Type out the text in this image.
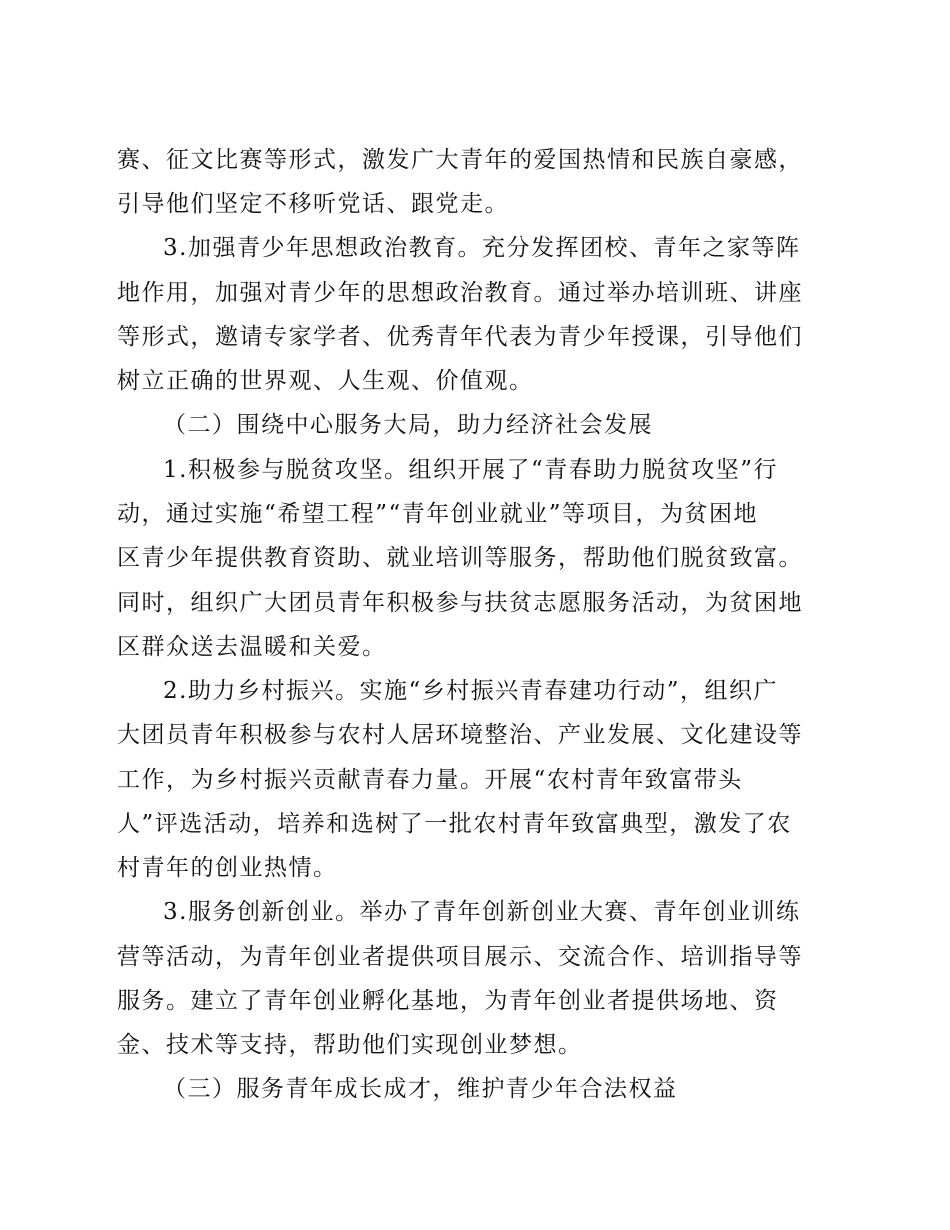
赛、征文比赛等形式，激发广大青年的爱国热情和民族自豪感，
引导他们坚定不移听党话、跟党走。
3.加强青少年思想政治教育。充分发挥团校、青年之家等阵
地作用，加强对青少年的思想政治教育。通过举办培训班、讲座
等形式，邀请专家学者、优秀青年代表为青少年授课，引导他们
树立正确的世界观、人生观、价值观。
（二）围绕中心服务大局，助力经济社会发展
1.积极参与脱贫攻坚。组织开展了“青春助力脱贫攻坚”行
动，通过实施“希望工程”“青年创业就业”等项目，为贫困地
区青少年提供教育资助、就业培训等服务，帮助他们脱贫致富。
同时，组织广大团员青年积极参与扶贫志愿服务活动，为贫困地
区群众送去温暖和关爱。
2.助力乡村振兴。实施“乡村振兴青春建功行动”，组织广
大团员青年积极参与农村人居环境整治、产业发展、文化建设等
工作，为乡村振兴贡献青春力量。开展“农村青年致富带头
人”评选活动，培养和选树了一批农村青年致富典型，激发了农
村青年的创业热情。
3.服务创新创业。举办了青年创新创业大赛、青年创业训练
营等活动，为青年创业者提供项目展示、交流合作、培训指导等
服务。建立了青年创业孵化基地，为青年创业者提供场地、资
金、技术等支持，帮助他们实现创业梦想。
（三）服务青年成长成才，维护青少年合法权益
